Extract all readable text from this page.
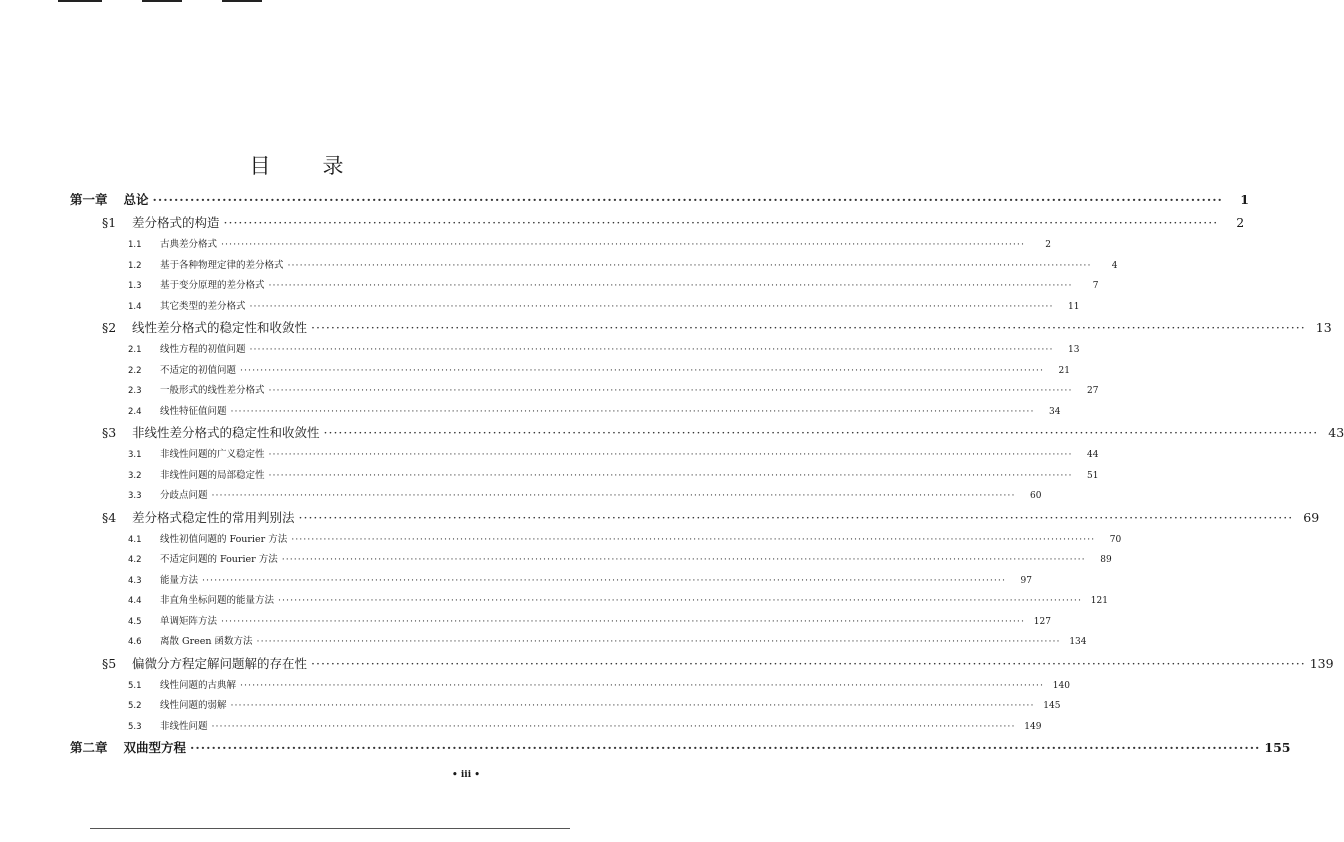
目 录
第一章 总论 ········································································································································································································	1
§1 差分格式的构造 ········································································································································································································	2
1.1 古典差分格式 ········································································································································································································	2
1.2 基于各种物理定律的差分格式 ········································································································································································································	4
1.3 基于变分原理的差分格式 ········································································································································································································	7
1.4 其它类型的差分格式 ········································································································································································································	11
§2 线性差分格式的稳定性和收敛性 ········································································································································································································ 13
2.1 线性方程的初值问题 ········································································································································································································	13
2.2 不适定的初值问题 ········································································································································································································	21
2.3 一般形式的线性差分格式 ········································································································································································································	27
2.4 线性特征值问题 ········································································································································································································	34
§3 非线性差分格式的稳定性和收敛性 ········································································································································································································ 43
3.1 非线性问题的广义稳定性 ········································································································································································································	44
3.2 非线性问题的局部稳定性 ········································································································································································································	51
3.3 分歧点问题 ········································································································································································································	60
§4 差分格式稳定性的常用判别法 ········································································································································································································ 69
4.1 线性初值问题的 Fourier 方法 ········································································································································································································	70
4.2 不适定问题的 Fourier 方法 ········································································································································································································	89
4.3 能量方法 ········································································································································································································	97
4.4 非直角坐标问题的能量方法 ········································································································································································································ 121
4.5 单调矩阵方法 ········································································································································································································ 127
4.6 离散 Green 函数方法 ········································································································································································································ 134
§5 偏微分方程定解问题解的存在性 ········································································································································································································ 139
5.1 线性问题的古典解 ········································································································································································································ 140
5.2 线性问题的弱解 ········································································································································································································ 145
5.3 非线性问题 ········································································································································································································ 149
第二章 双曲型方程 ········································································································································································································ 155
• iii •
